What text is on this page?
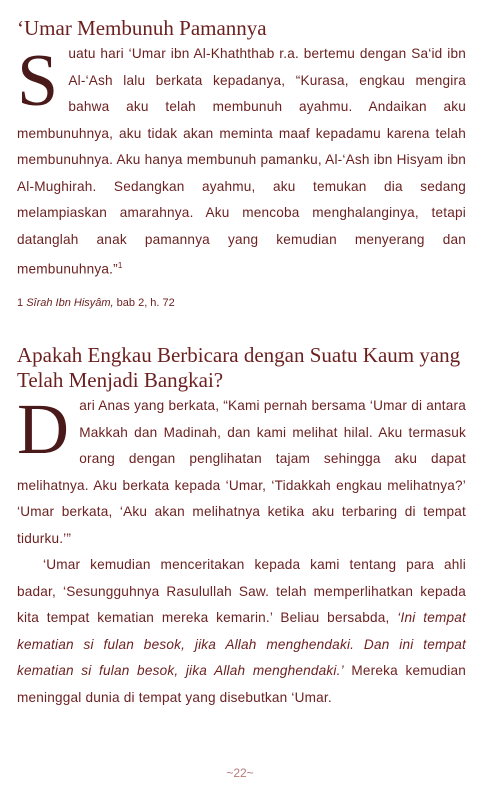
‘Umar Membunuh Pamannya

Suatu hari ‘Umar ibn Al-Khaththab r.a. bertemu dengan Sa‘id ibn Al-‘Ash lalu berkata kepadanya, “Kurasa, engkau mengira bahwa aku telah membunuh ayahmu. Andaikan aku membunuhnya, aku tidak akan meminta maaf kepadamu karena telah membunuhnya. Aku hanya membunuh pamanku, Al-‘Ash ibn Hisyam ibn Al-Mughirah. Sedangkan ayahmu, aku temukan dia sedang melampiaskan amarahnya. Aku mencoba menghalanginya, tetapi datanglah anak pamannya yang kemudian menyerang dan membunuhnya.”$^1$

1 Sîrah Ibn Hisyâm, bab 2, h. 72
Apakah Engkau Berbicara dengan Suatu Kaum yang Telah Menjadi Bangkai?

Dari Anas yang berkata, “Kami pernah bersama ‘Umar di antara Makkah dan Madinah, dan kami melihat hilal. Aku termasuk orang dengan penglihatan tajam sehingga aku dapat melihatnya. Aku berkata kepada ‘Umar, ‘Tidakkah engkau melihatnya?’ ‘Umar berkata, ‘Aku akan melihatnya ketika aku terbaring di tempat tidurku.’”

‘Umar kemudian menceritakan kepada kami tentang para ahli badar, ‘Sesungguhnya Rasulullah Saw. telah memperlihatkan kepada kita tempat kematian mereka kemarin.’ Beliau bersabda, ‘Ini tempat kematian si fulan besok, jika Allah menghendaki. Dan ini tempat kematian si fulan besok, jika Allah menghendaki.’ Mereka kemudian meninggal dunia di tempat yang disebutkan ‘Umar.

~22~
